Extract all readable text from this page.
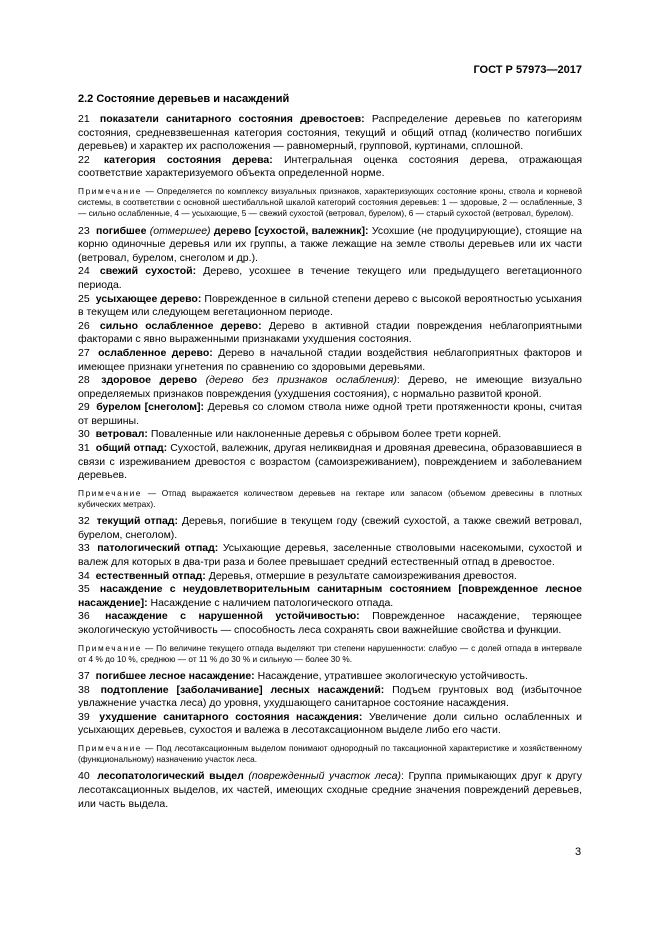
ГОСТ Р 57973—2017
2.2 Состояние деревьев и насаждений

21 показатели санитарного состояния древостоев: Распределение деревьев по категориям состояния, средневзвешенная категория состояния, текущий и общий отпад (количество погибших деревьев) и характер их расположения — равномерный, групповой, куртинами, сплошной.

22 категория состояния дерева: Интегральная оценка состояния дерева, отражающая соответствие характеризуемого объекта определенной норме.

Примечание — Определяется по комплексу визуальных признаков, характеризующих состояние кроны, ствола и корневой системы, в соответствии с основной шестибалльной шкалой категорий состояния деревьев: 1 — здоровые, 2 — ослабленные, 3 — сильно ослабленные, 4 — усыхающие, 5 — свежий сухостой (ветровал, бурелом), 6 — старый сухостой (ветровал, бурелом).

23 погибшее (отмершее) дерево [сухостой, валежник]: Усохшие (не продуцирующие), стоящие на корню одиночные деревья или их группы, а также лежащие на земле стволы деревьев или их части (ветровал, бурелом, снеголом и др.).

24 свежий сухостой: Дерево, усохшее в течение текущего или предыдущего вегетационного периода.

25 усыхающее дерево: Поврежденное в сильной степени дерево с высокой вероятностью усыхания в текущем или следующем вегетационном периоде.

26 сильно ослабленное дерево: Дерево в активной стадии повреждения неблагоприятными факторами с явно выраженными признаками ухудшения состояния.

27 ослабленное дерево: Дерево в начальной стадии воздействия неблагоприятных факторов и имеющее признаки угнетения по сравнению со здоровыми деревьями.

28 здоровое дерево (дерево без признаков ослабления): Дерево, не имеющие визуально определяемых признаков повреждения (ухудшения состояния), с нормально развитой кроной.

29 бурелом [снеголом]: Деревья со сломом ствола ниже одной трети протяженности кроны, считая от вершины.

30 ветровал: Поваленные или наклоненные деревья с обрывом более трети корней.

31 общий отпад: Сухостой, валежник, другая неликвидная и дровяная древесина, образовавшиеся в связи с изреживанием древостоя с возрастом (самоизреживанием), повреждением и заболеванием деревьев.

Примечание — Отпад выражается количеством деревьев на гектаре или запасом (объемом древесины в плотных кубических метрах).

32 текущий отпад: Деревья, погибшие в текущем году (свежий сухостой, а также свежий ветровал, бурелом, снеголом).

33 патологический отпад: Усыхающие деревья, заселенные стволовыми насекомыми, сухостой и валеж для которых в два-три раза и более превышает средний естественный отпад в древостое.

34 естественный отпад: Деревья, отмершие в результате самоизреживания древостоя.

35 насаждение с неудовлетворительным санитарным состоянием [поврежденное лесное насаждение]: Насаждение с наличием патологического отпада.

36 насаждение с нарушенной устойчивостью: Поврежденное насаждение, теряющее экологическую устойчивость — способность леса сохранять свои важнейшие свойства и функции.

Примечание — По величине текущего отпада выделяют три степени нарушенности: слабую — с долей отпада в интервале от 4 % до 10 %, среднюю — от 11 % до 30 % и сильную — более 30 %.

37 погибшее лесное насаждение: Насаждение, утратившее экологическую устойчивость.

38 подтопление [заболачивание] лесных насаждений: Подъем грунтовых вод (избыточное увлажнение участка леса) до уровня, ухудшающего санитарное состояние насаждения.

39 ухудшение санитарного состояния насаждения: Увеличение доли сильно ослабленных и усыхающих деревьев, сухостоя и валежа в лесотаксационном выделе либо его части.

Примечание — Под лесотаксационным выделом понимают однородный по таксационной характеристике и хозяйственному (функциональному) назначению участок леса.

40 лесопатологический выдел (поврежденный участок леса): Группа примыкающих друг к другу лесотаксационных выделов, их частей, имеющих сходные средние значения повреждений деревьев, или часть выдела.

3
